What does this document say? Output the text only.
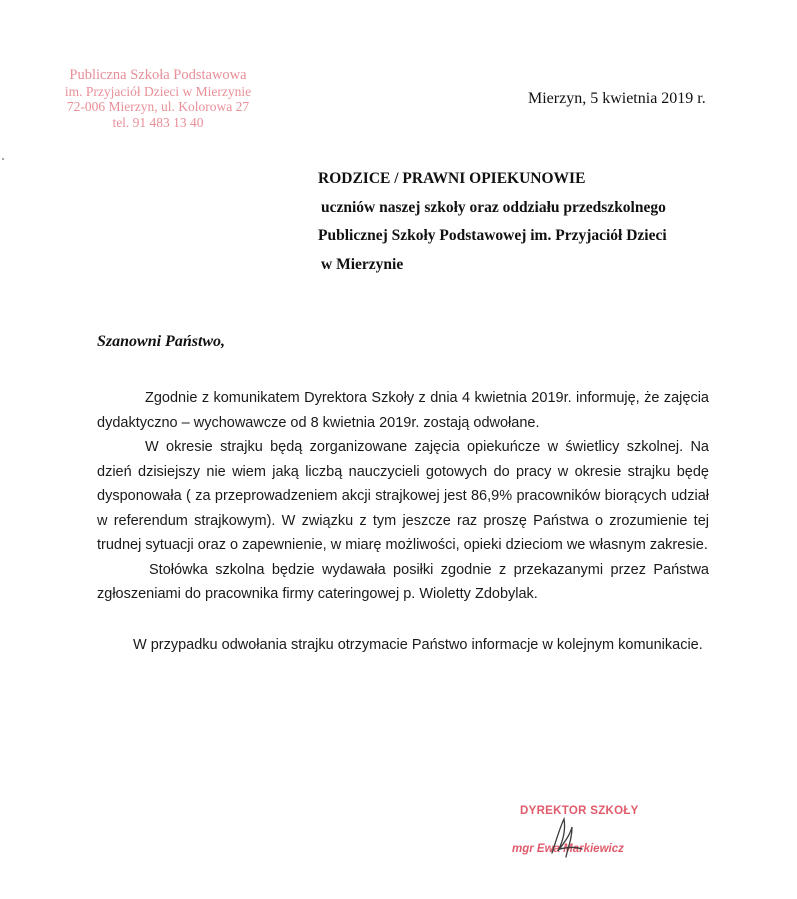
Publiczna Szkoła Podstawowa
im. Przyjaciół Dzieci w Mierzynie
72-006 Mierzyn, ul. Kolorowa 27
tel. 91 483 13 40
Mierzyn, 5 kwietnia 2019 r.
RODZICE / PRAWNI OPIEKUNOWIE
uczniów naszej szkoły oraz oddziału przedszkolnego
Publicznej Szkoły Podstawowej im. Przyjaciół Dzieci
w Mierzynie
Szanowni Państwo,

Zgodnie z komunikatem Dyrektora Szkoły z dnia 4 kwietnia 2019r. informuję, że zajęcia dydaktyczno – wychowawcze od 8 kwietnia 2019r. zostają odwołane.

W okresie strajku będą zorganizowane zajęcia opiekuńcze w świetlicy szkolnej. Na dzień dzisiejszy nie wiem jaką liczbą nauczycieli gotowych do pracy w okresie strajku będę dysponowała ( za przeprowadzeniem akcji strajkowej jest 86,9% pracowników biorących udział w referendum strajkowym). W związku z tym jeszcze raz proszę Państwa o zrozumienie tej trudnej sytuacji oraz o zapewnienie, w miarę możliwości, opieki dzieciom we własnym zakresie.

Stołówka szkolna będzie wydawała posiłki zgodnie z przekazanymi przez Państwa zgłoszeniami do pracownika firmy cateringowej p. Wioletty Zdobylak.

W przypadku odwołania strajku otrzymacie Państwo informacje w kolejnym komunikacie.

DYREKTOR SZKOŁY
mgr Ewa Markiewicz
